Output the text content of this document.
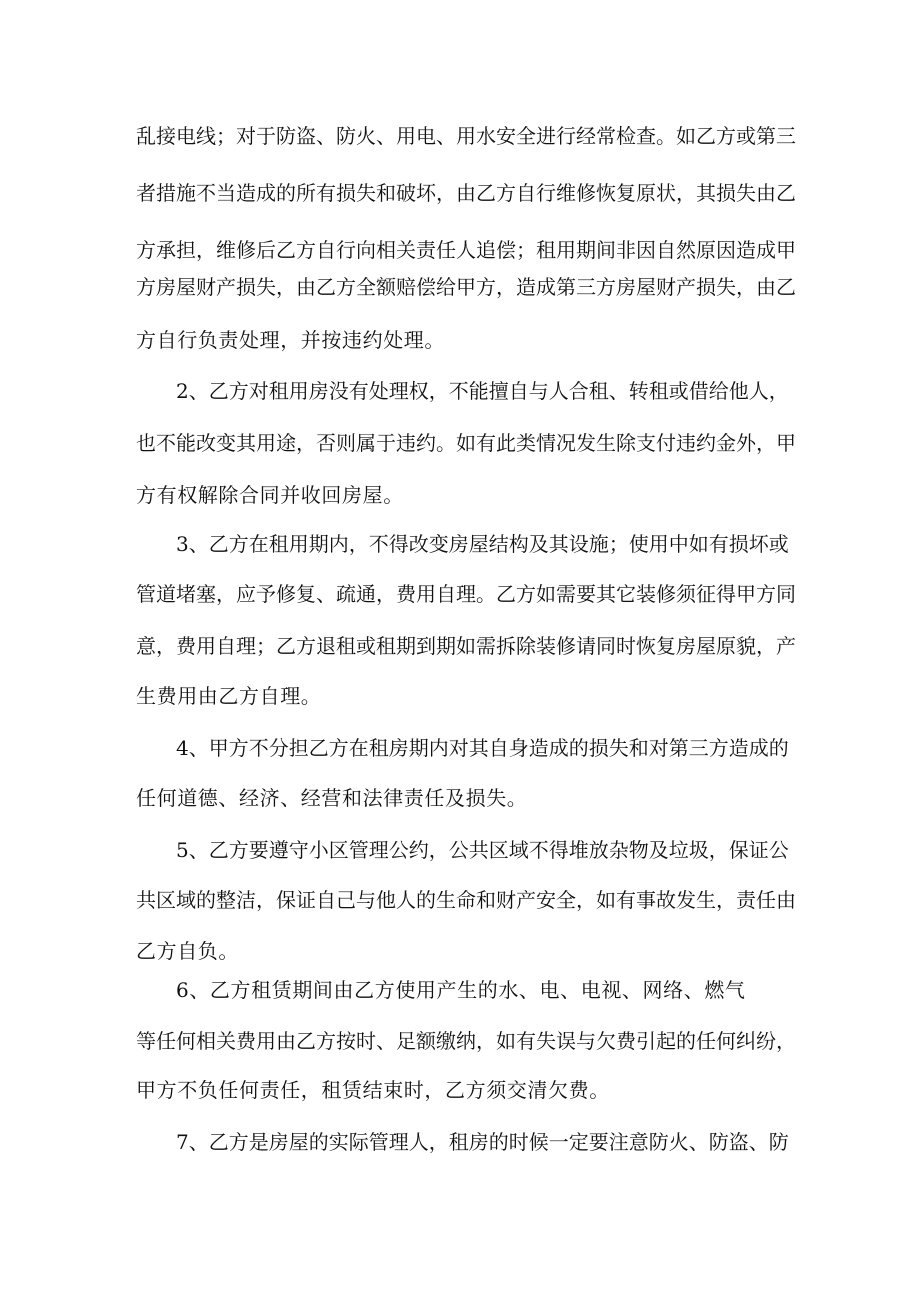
乱接电线；对于防盗、防火、用电、用水安全进行经常检查。如乙方或第三
者措施不当造成的所有损失和破坏，由乙方自行维修恢复原状，其损失由乙
方承担，维修后乙方自行向相关责任人追偿；租用期间非因自然原因造成甲
方房屋财产损失，由乙方全额赔偿给甲方，造成第三方房屋财产损失，由乙
方自行负责处理，并按违约处理。
2、乙方对租用房没有处理权，不能擅自与人合租、转租或借给他人，
也不能改变其用途，否则属于违约。如有此类情况发生除支付违约金外，甲
方有权解除合同并收回房屋。
3、乙方在租用期内，不得改变房屋结构及其设施；使用中如有损坏或
管道堵塞，应予修复、疏通，费用自理。乙方如需要其它装修须征得甲方同
意，费用自理；乙方退租或租期到期如需拆除装修请同时恢复房屋原貌，产
生费用由乙方自理。
4、甲方不分担乙方在租房期内对其自身造成的损失和对第三方造成的
任何道德、经济、经营和法律责任及损失。
5、乙方要遵守小区管理公约，公共区域不得堆放杂物及垃圾，保证公
共区域的整洁，保证自己与他人的生命和财产安全，如有事故发生，责任由
乙方自负。
6、乙方租赁期间由乙方使用产生的水、电、电视、网络、燃气
等任何相关费用由乙方按时、足额缴纳，如有失误与欠费引起的任何纠纷，
甲方不负任何责任，租赁结束时，乙方须交清欠费。
7、乙方是房屋的实际管理人，租房的时候一定要注意防火、防盗、防
